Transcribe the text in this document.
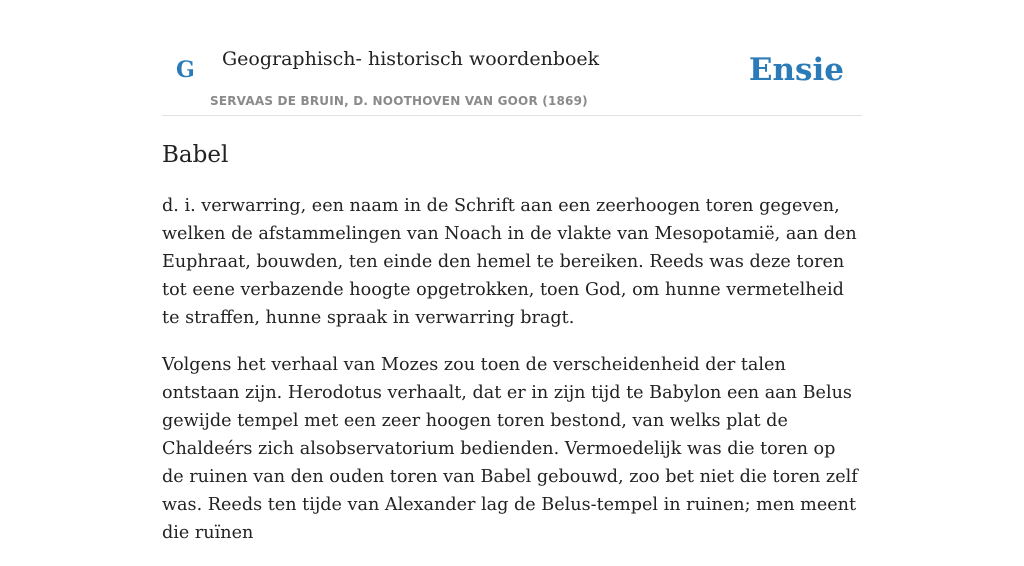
G Geographisch- historisch woordenboek
SERVAAS DE BRUIN, D. NOOTHOVEN VAN GOOR (1869)
Ensie
Babel

d. i. verwarring, een naam in de Schrift aan een zeerhoogen toren gegeven, welken de afstammelingen van Noach in de vlakte van Mesopotamië, aan den Euphraat, bouwden, ten einde den hemel te bereiken. Reeds was deze toren tot eene verbazende hoogte opgetrokken, toen God, om hunne vermetelheid te straffen, hunne spraak in verwarring bragt.

Volgens het verhaal van Mozes zou toen de verscheidenheid der talen ontstaan zijn. Herodotus verhaalt, dat er in zijn tijd te Babylon een aan Belus gewijde tempel met een zeer hoogen toren bestond, van welks plat de Chaldeérs zich alsobservatorium bedienden. Vermoedelijk was die toren op de ruinen van den ouden toren van Babel gebouwd, zoo bet niet die toren zelf was. Reeds ten tijde van Alexander lag de Belus-tempel in ruinen; men meent die ruïnen
